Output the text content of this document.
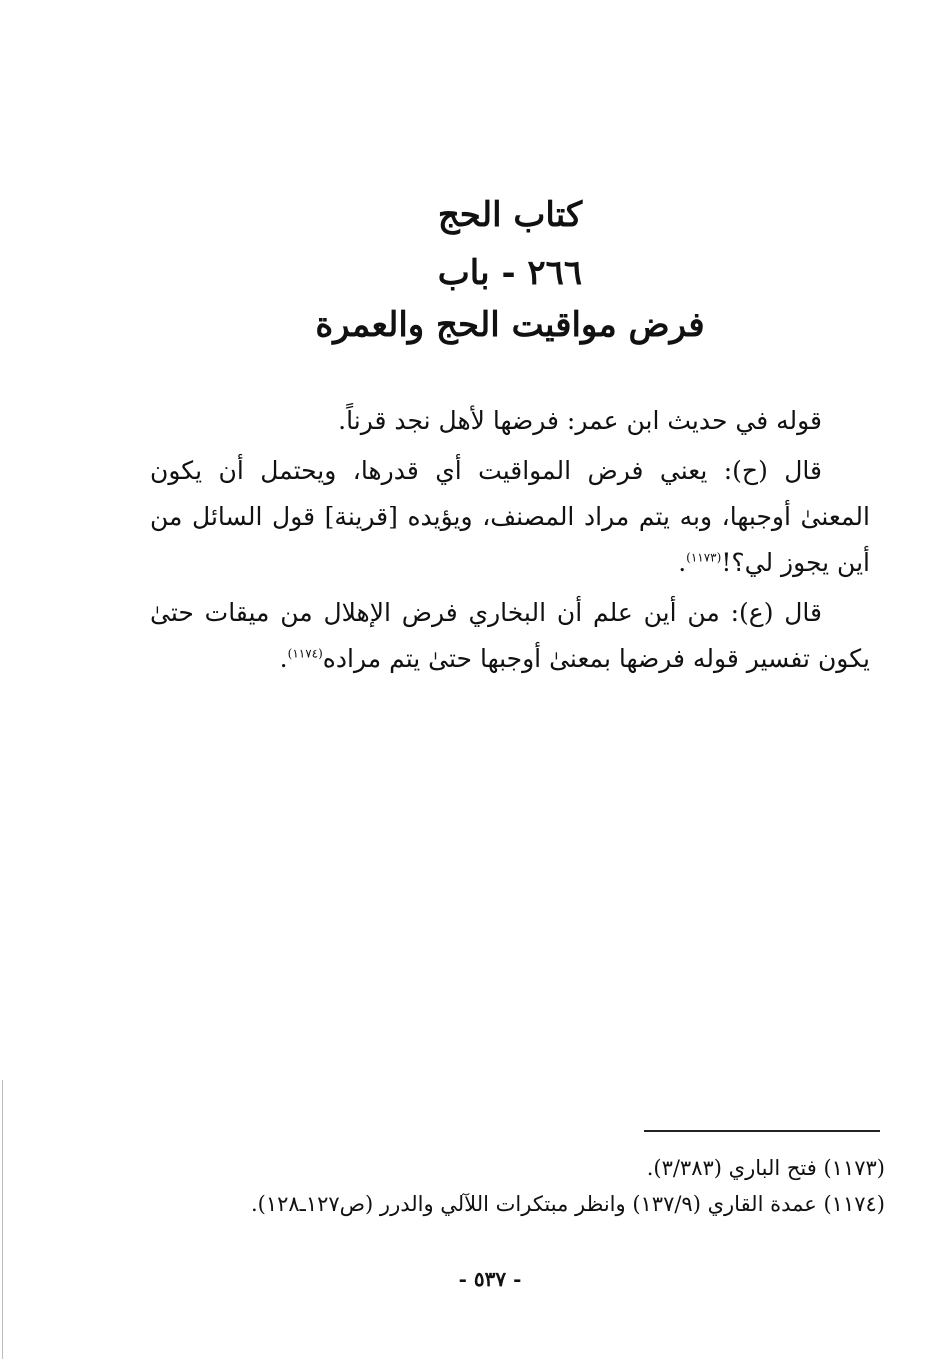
كتاب الحج
٢٦٦ - باب
فرض مواقيت الحج والعمرة

قوله في حديث ابن عمر: فرضها لأهل نجد قرناً.

قال (ح): يعني فرض المواقيت أي قدرها، ويحتمل أن يكون المعنىٰ أوجبها، وبه يتم مراد المصنف، ويؤيده [قرينة] قول السائل من أين يجوز لي؟!$^{(١١٧٣)}$.

قال (ع): من أين علم أن البخاري فرض الإهلال من ميقات حتىٰ يكون تفسير قوله فرضها بمعنىٰ أوجبها حتىٰ يتم مراده$^{(١١٧٤)}$.

(١١٧٣) فتح الباري (٣/٣٨٣).

(١١٧٤) عمدة القاري (١٣٧/٩) وانظر مبتكرات اللآلي والدرر (ص١٢٧ـ١٢٨).

- ٥٣٧ -
